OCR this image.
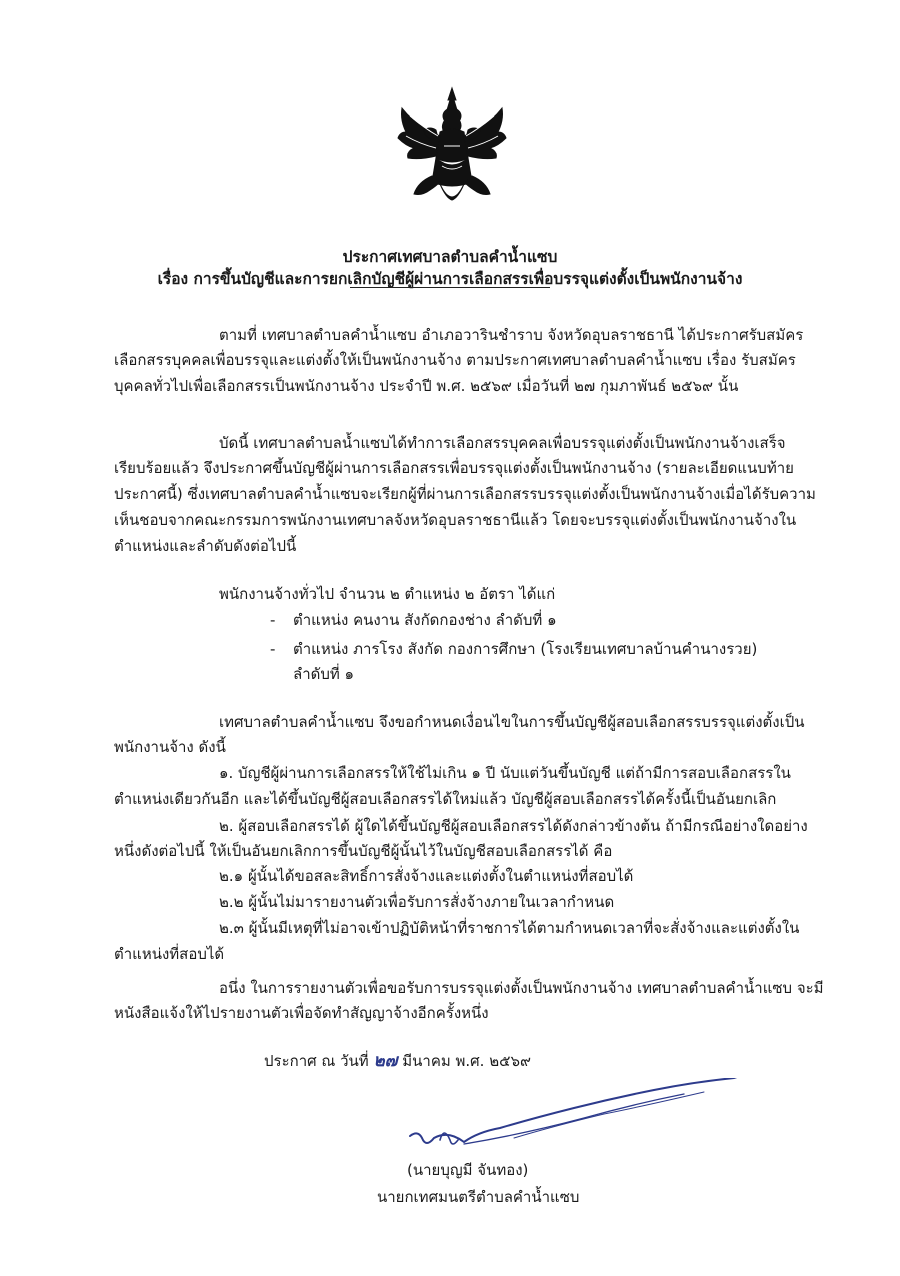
ประกาศเทศบาลตำบลคำน้ำแซบ
เรื่อง การขึ้นบัญชีและการยกเลิกบัญชีผู้ผ่านการเลือกสรรเพื่อบรรจุแต่งตั้งเป็นพนักงานจ้าง
ตามที่ เทศบาลตำบลคำน้ำแซบ อำเภอวารินชำราบ จังหวัดอุบลราชธานี ได้ประกาศรับสมัคร
เลือกสรรบุคคลเพื่อบรรจุและแต่งตั้งให้เป็นพนักงานจ้าง ตามประกาศเทศบาลตำบลคำน้ำแซบ เรื่อง รับสมัคร
บุคคลทั่วไปเพื่อเลือกสรรเป็นพนักงานจ้าง ประจำปี พ.ศ. ๒๕๖๙ เมื่อวันที่ ๒๗ กุมภาพันธ์ ๒๕๖๙ นั้น
บัดนี้ เทศบาลตำบลน้ำแซบได้ทำการเลือกสรรบุคคลเพื่อบรรจุแต่งตั้งเป็นพนักงานจ้างเสร็จ
เรียบร้อยแล้ว จึงประกาศขึ้นบัญชีผู้ผ่านการเลือกสรรเพื่อบรรจุแต่งตั้งเป็นพนักงานจ้าง (รายละเอียดแนบท้าย
ประกาศนี้) ซึ่งเทศบาลตำบลคำน้ำแซบจะเรียกผู้ที่ผ่านการเลือกสรรบรรจุแต่งตั้งเป็นพนักงานจ้างเมื่อได้รับความ
เห็นชอบจากคณะกรรมการพนักงานเทศบาลจังหวัดอุบลราชธานีแล้ว โดยจะบรรจุแต่งตั้งเป็นพนักงานจ้างใน
ตำแหน่งและลำดับดังต่อไปนี้
พนักงานจ้างทั่วไป จำนวน ๒ ตำแหน่ง ๒ อัตรา ได้แก่
- ตำแหน่ง คนงาน สังกัดกองช่าง ลำดับที่ ๑
- ตำแหน่ง ภารโรง สังกัด กองการศึกษา (โรงเรียนเทศบาลบ้านคำนางรวย)
ลำดับที่ ๑
เทศบาลตำบลคำน้ำแซบ จึงขอกำหนดเงื่อนไขในการขึ้นบัญชีผู้สอบเลือกสรรบรรจุแต่งตั้งเป็น
พนักงานจ้าง ดังนี้
๑. บัญชีผู้ผ่านการเลือกสรรให้ใช้ไม่เกิน ๑ ปี นับแต่วันขึ้นบัญชี แต่ถ้ามีการสอบเลือกสรรใน
ตำแหน่งเดียวกันอีก และได้ขึ้นบัญชีผู้สอบเลือกสรรได้ใหม่แล้ว บัญชีผู้สอบเลือกสรรได้ครั้งนี้เป็นอันยกเลิก
๒. ผู้สอบเลือกสรรได้ ผู้ใดได้ขึ้นบัญชีผู้สอบเลือกสรรได้ดังกล่าวข้างต้น ถ้ามีกรณีอย่างใดอย่าง
หนึ่งดังต่อไปนี้ ให้เป็นอันยกเลิกการขึ้นบัญชีผู้นั้นไว้ในบัญชีสอบเลือกสรรได้ คือ
๒.๑ ผู้นั้นได้ขอสละสิทธิ์การสั่งจ้างและแต่งตั้งในตำแหน่งที่สอบได้
๒.๒ ผู้นั้นไม่มารายงานตัวเพื่อรับการสั่งจ้างภายในเวลากำหนด
๒.๓ ผู้นั้นมีเหตุที่ไม่อาจเข้าปฏิบัติหน้าที่ราชการได้ตามกำหนดเวลาที่จะสั่งจ้างและแต่งตั้งใน
ตำแหน่งที่สอบได้
อนึ่ง ในการรายงานตัวเพื่อขอรับการบรรจุแต่งตั้งเป็นพนักงานจ้าง เทศบาลตำบลคำน้ำแซบ จะมี
หนังสือแจ้งให้ไปรายงานตัวเพื่อจัดทำสัญญาจ้างอีกครั้งหนึ่ง
ประกาศ ณ วันที่ ๒๗ มีนาคม พ.ศ. ๒๕๖๙
(นายบุญมี จันทอง)
นายกเทศมนตรีตำบลคำน้ำแซบ
